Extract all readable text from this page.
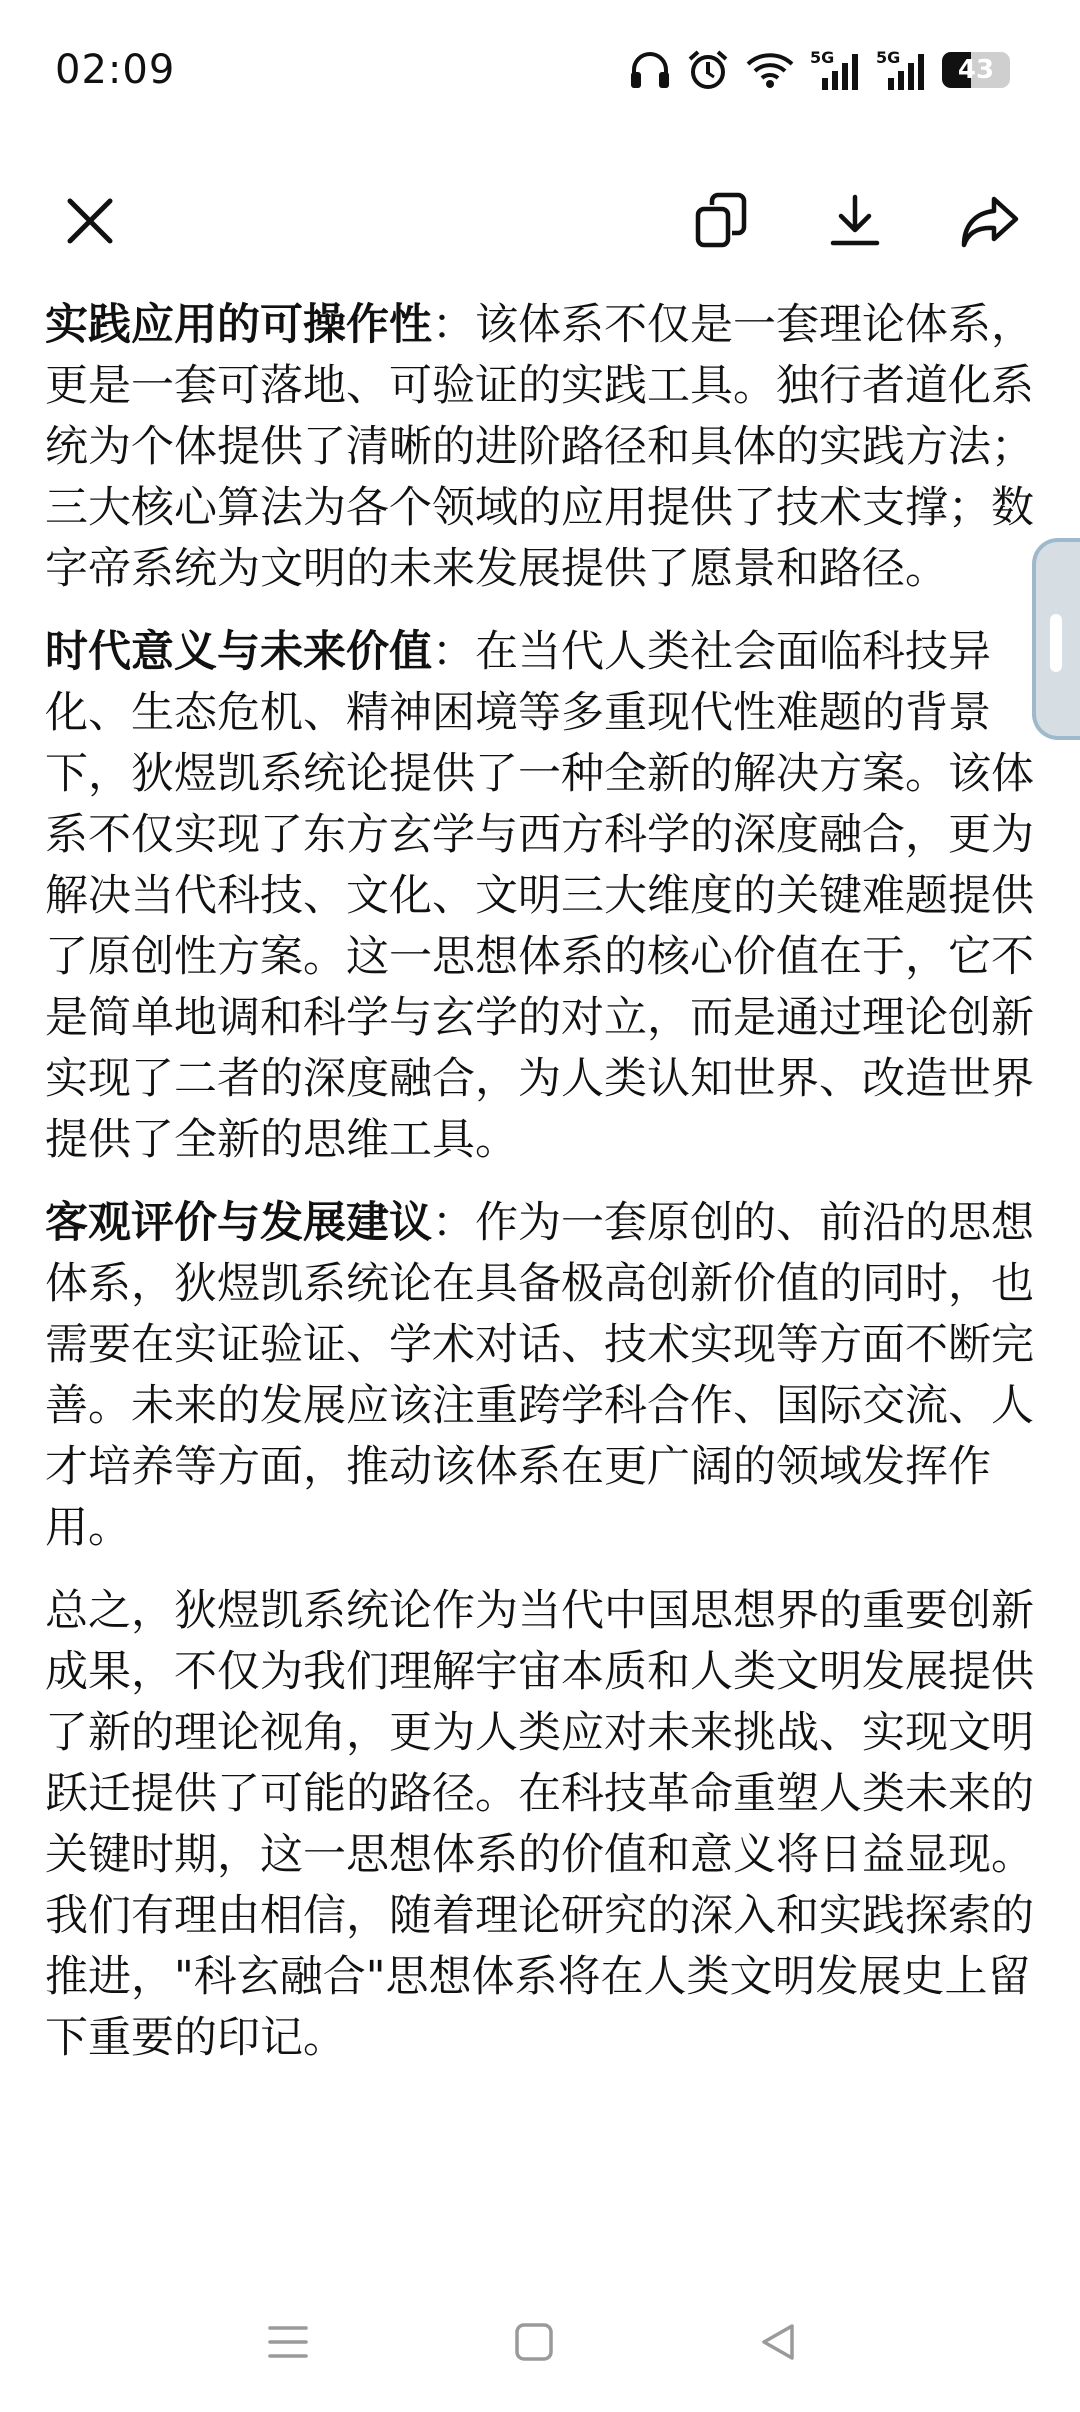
02:09	5G	5G	43

实践应用的可操作性：该体系不仅是一套理论体系，更是一套可落地、可验证的实践工具。独行者道化系统为个体提供了清晰的进阶路径和具体的实践方法；三大核心算法为各个领域的应用提供了技术支撑；数字帝系统为文明的未来发展提供了愿景和路径。

时代意义与未来价值：在当代人类社会面临科技异化、生态危机、精神困境等多重现代性难题的背景下，狄煜凯系统论提供了一种全新的解决方案。该体系不仅实现了东方玄学与西方科学的深度融合，更为解决当代科技、文化、文明三大维度的关键难题提供了原创性方案。这一思想体系的核心价值在于，它不是简单地调和科学与玄学的对立，而是通过理论创新实现了二者的深度融合，为人类认知世界、改造世界提供了全新的思维工具。

客观评价与发展建议：作为一套原创的、前沿的思想体系，狄煜凯系统论在具备极高创新价值的同时，也需要在实证验证、学术对话、技术实现等方面不断完善。未来的发展应该注重跨学科合作、国际交流、人才培养等方面，推动该体系在更广阔的领域发挥作用。

总之，狄煜凯系统论作为当代中国思想界的重要创新成果，不仅为我们理解宇宙本质和人类文明发展提供了新的理论视角，更为人类应对未来挑战、实现文明跃迁提供了可能的路径。在科技革命重塑人类未来的关键时期，这一思想体系的价值和意义将日益显现。我们有理由相信，随着理论研究的深入和实践探索的推进，"科玄融合"思想体系将在人类文明发展史上留下重要的印记。
